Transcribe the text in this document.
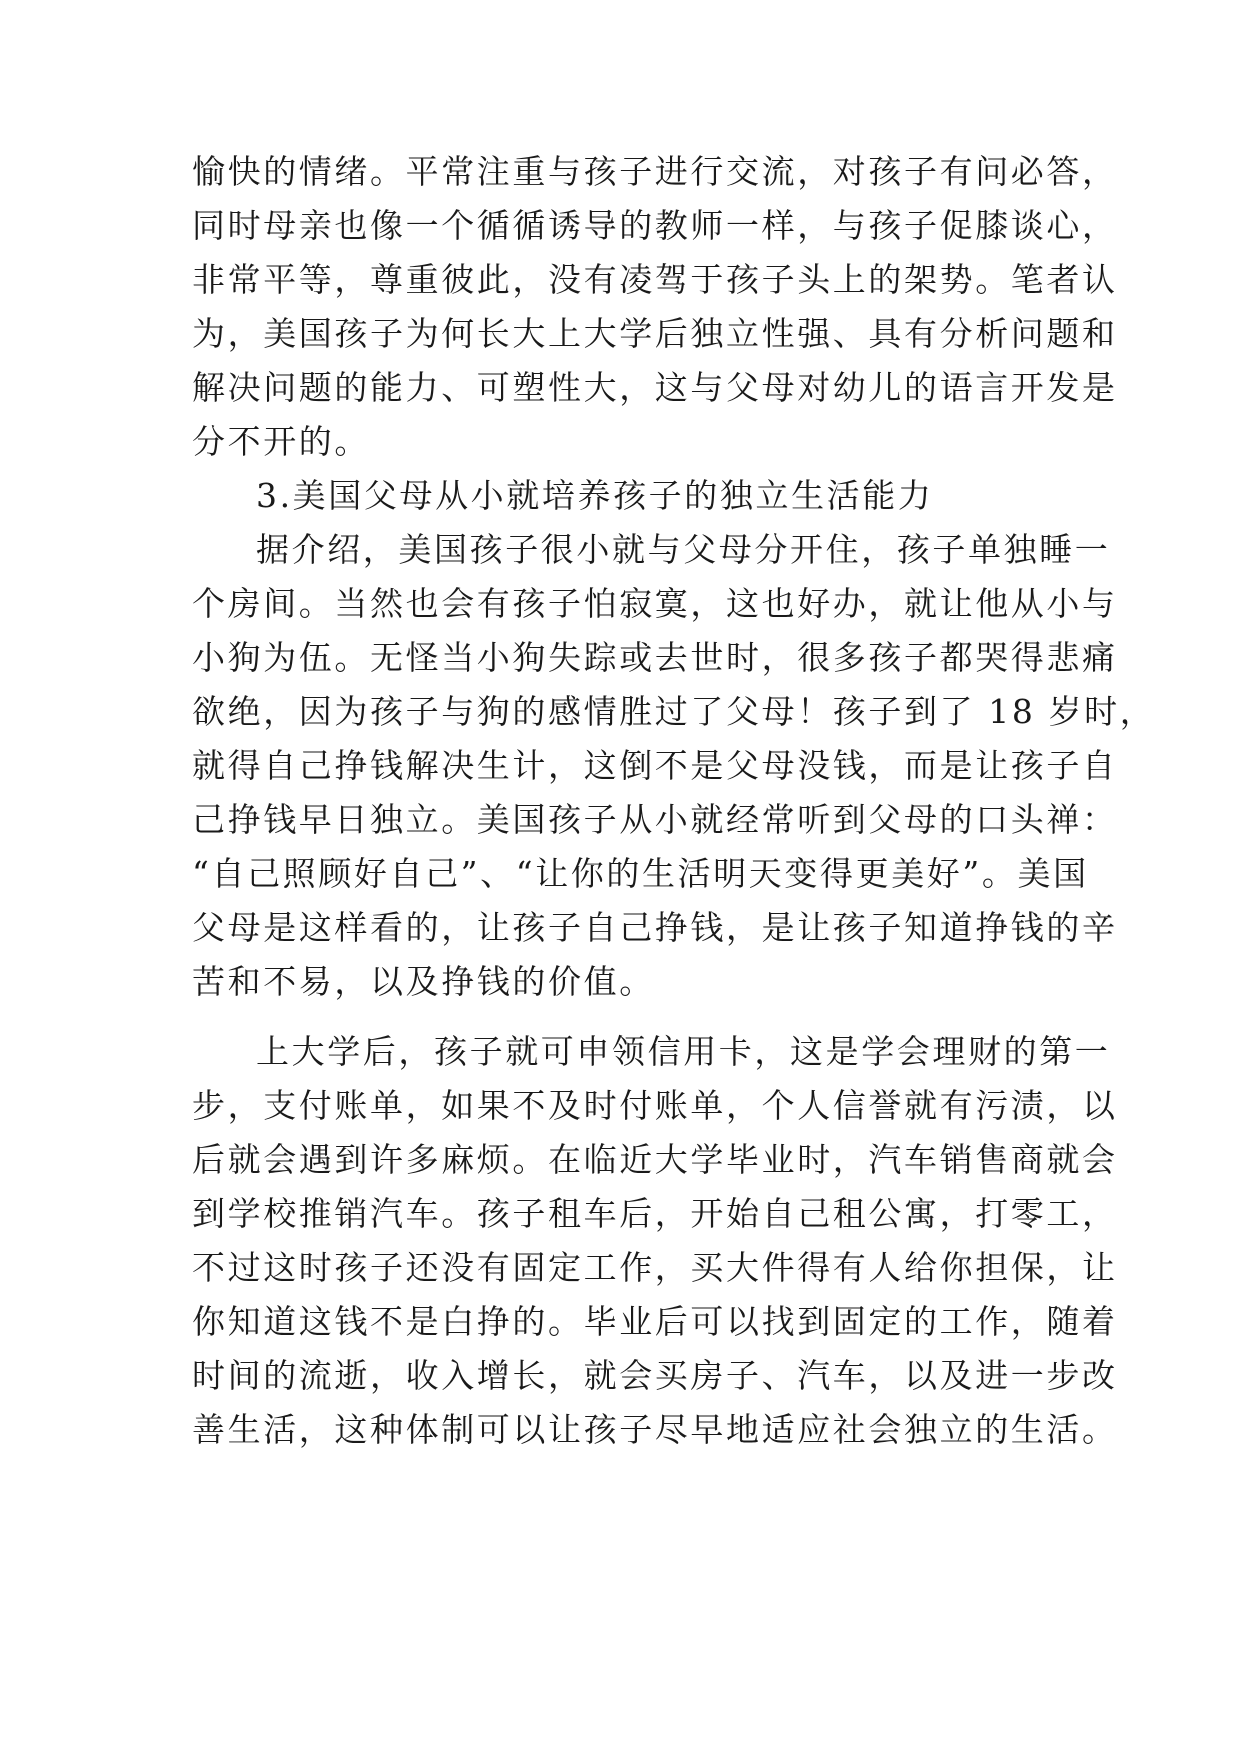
愉快的情绪。平常注重与孩子进行交流，对孩子有问必答，
同时母亲也像一个循循诱导的教师一样，与孩子促膝谈心，
非常平等，尊重彼此，没有凌驾于孩子头上的架势。笔者认
为，美国孩子为何长大上大学后独立性强、具有分析问题和
解决问题的能力、可塑性大，这与父母对幼儿的语言开发是
分不开的。
3.美国父母从小就培养孩子的独立生活能力
据介绍，美国孩子很小就与父母分开住，孩子单独睡一
个房间。当然也会有孩子怕寂寞，这也好办，就让他从小与
小狗为伍。无怪当小狗失踪或去世时，很多孩子都哭得悲痛
欲绝，因为孩子与狗的感情胜过了父母！孩子到了 18 岁时，
就得自己挣钱解决生计，这倒不是父母没钱，而是让孩子自
己挣钱早日独立。美国孩子从小就经常听到父母的口头禅：
“自己照顾好自己”、“让你的生活明天变得更美好”。美国
父母是这样看的，让孩子自己挣钱，是让孩子知道挣钱的辛
苦和不易，以及挣钱的价值。
上大学后，孩子就可申领信用卡，这是学会理财的第一
步，支付账单，如果不及时付账单，个人信誉就有污渍，以
后就会遇到许多麻烦。在临近大学毕业时，汽车销售商就会
到学校推销汽车。孩子租车后，开始自己租公寓，打零工，
不过这时孩子还没有固定工作，买大件得有人给你担保，让
你知道这钱不是白挣的。毕业后可以找到固定的工作，随着
时间的流逝，收入增长，就会买房子、汽车，以及进一步改
善生活，这种体制可以让孩子尽早地适应社会独立的生活。
